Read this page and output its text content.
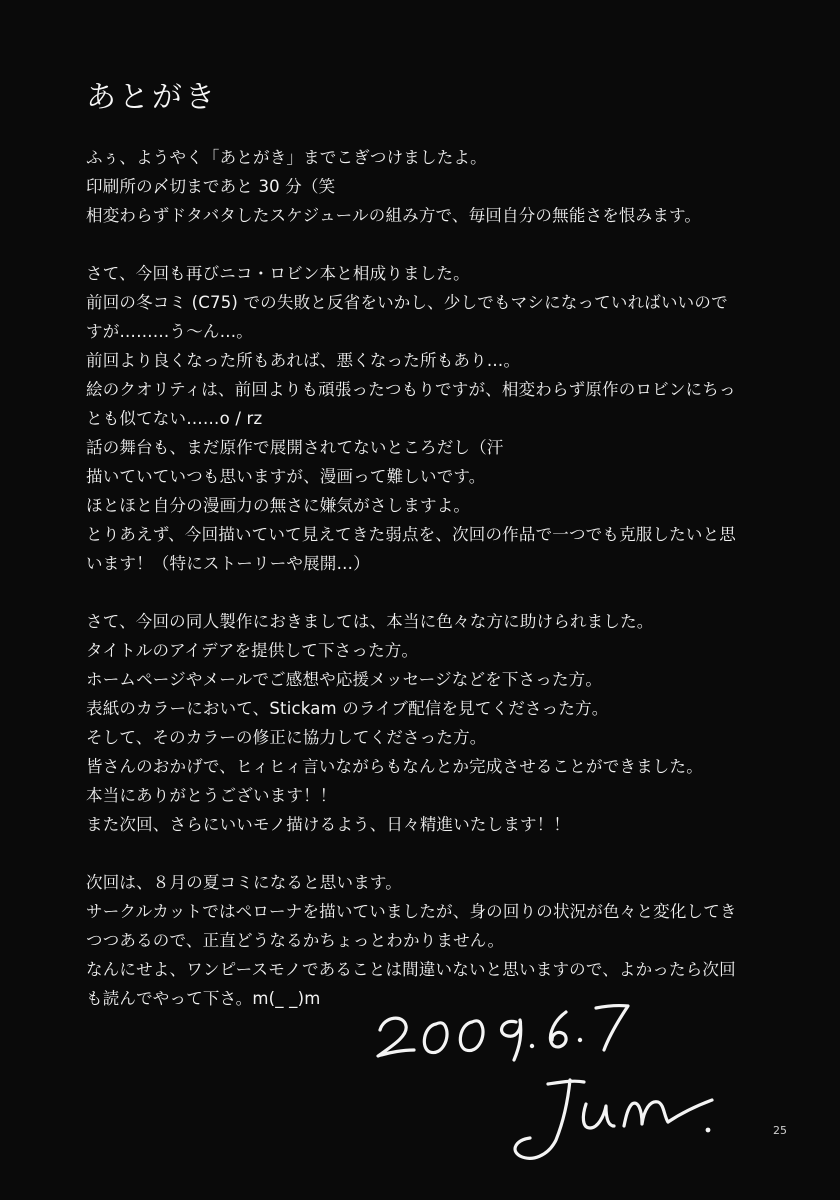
あとがき
ふぅ、ようやく「あとがき」までこぎつけましたよ。
印刷所の〆切まであと 30 分（笑
相変わらずドタバタしたスケジュールの組み方で、毎回自分の無能さを恨みます。
さて、今回も再びニコ・ロビン本と相成りました。
前回の冬コミ (C75) での失敗と反省をいかし、少しでもマシになっていればいいので
すが………う〜ん…。
前回より良くなった所もあれば、悪くなった所もあり…。
絵のクオリティは、前回よりも頑張ったつもりですが、相変わらず原作のロビンにちっ
とも似てない……o / rz
話の舞台も、まだ原作で展開されてないところだし（汗
描いていていつも思いますが、漫画って難しいです。
ほとほと自分の漫画力の無さに嫌気がさしますよ。
とりあえず、今回描いていて見えてきた弱点を、次回の作品で一つでも克服したいと思
います！（特にストーリーや展開…）
さて、今回の同人製作におきましては、本当に色々な方に助けられました。
タイトルのアイデアを提供して下さった方。
ホームページやメールでご感想や応援メッセージなどを下さった方。
表紙のカラーにおいて、Stickam のライブ配信を見てくださった方。
そして、そのカラーの修正に協力してくださった方。
皆さんのおかげで、ヒィヒィ言いながらもなんとか完成させることができました。
本当にありがとうございます！！
また次回、さらにいいモノ描けるよう、日々精進いたします！！
次回は、８月の夏コミになると思います。
サークルカットではペローナを描いていましたが、身の回りの状況が色々と変化してき
つつあるので、正直どうなるかちょっとわかりません。
なんにせよ、ワンピースモノであることは間違いないと思いますので、よかったら次回
も読んでやって下さ。m(_ _)m
25
